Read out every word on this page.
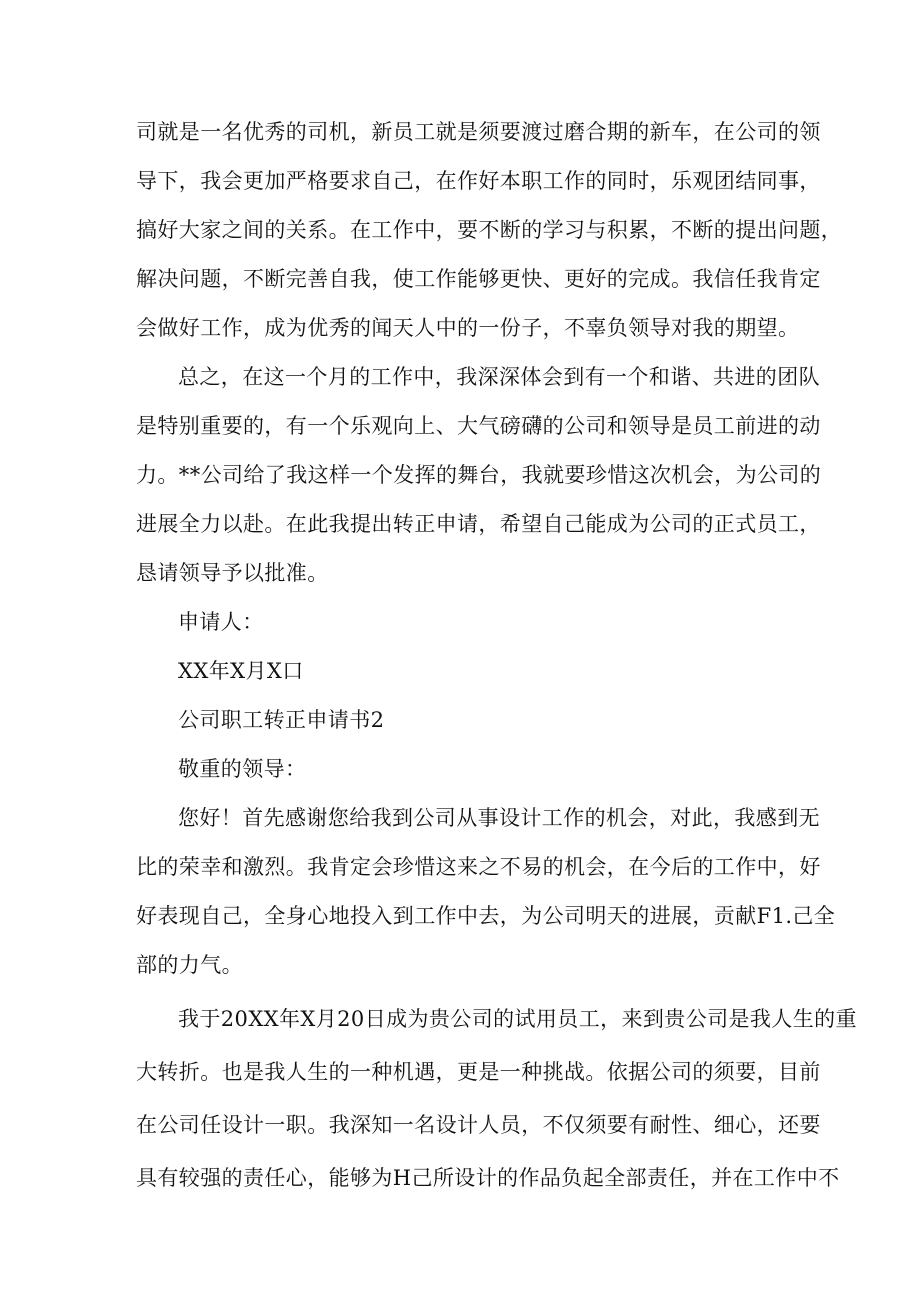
司就是一名优秀的司机，新员工就是须要渡过磨合期的新车，在公司的领
导下，我会更加严格要求自己，在作好本职工作的同时，乐观团结同事，
搞好大家之间的关系。在工作中，要不断的学习与积累，不断的提出问题，
解决问题，不断完善自我，使工作能够更快、更好的完成。我信任我肯定
会做好工作，成为优秀的闻天人中的一份子，不辜负领导对我的期望。
总之，在这一个月的工作中，我深深体会到有一个和谐、共进的团队
是特别重要的，有一个乐观向上、大气磅礴的公司和领导是员工前进的动
力。**公司给了我这样一个发挥的舞台，我就要珍惜这次机会，为公司的
进展全力以赴。在此我提出转正申请，希望自己能成为公司的正式员工，
恳请领导予以批准。
申请人：
XX年X月X口
公司职工转正申请书2
敬重的领导：
您好！首先感谢您给我到公司从事设计工作的机会，对此，我感到无
比的荣幸和激烈。我肯定会珍惜这来之不易的机会，在今后的工作中，好
好表现自己，全身心地投入到工作中去，为公司明天的进展，贡献F1.己全
部的力气。
我于20XX年X月20日成为贵公司的试用员工，来到贵公司是我人生的重
大转折。也是我人生的一种机遇，更是一种挑战。依据公司的须要，目前
在公司任设计一职。我深知一名设计人员，不仅须要有耐性、细心，还要
具有较强的责任心，能够为H己所设计的作品负起全部责任，并在工作中不
